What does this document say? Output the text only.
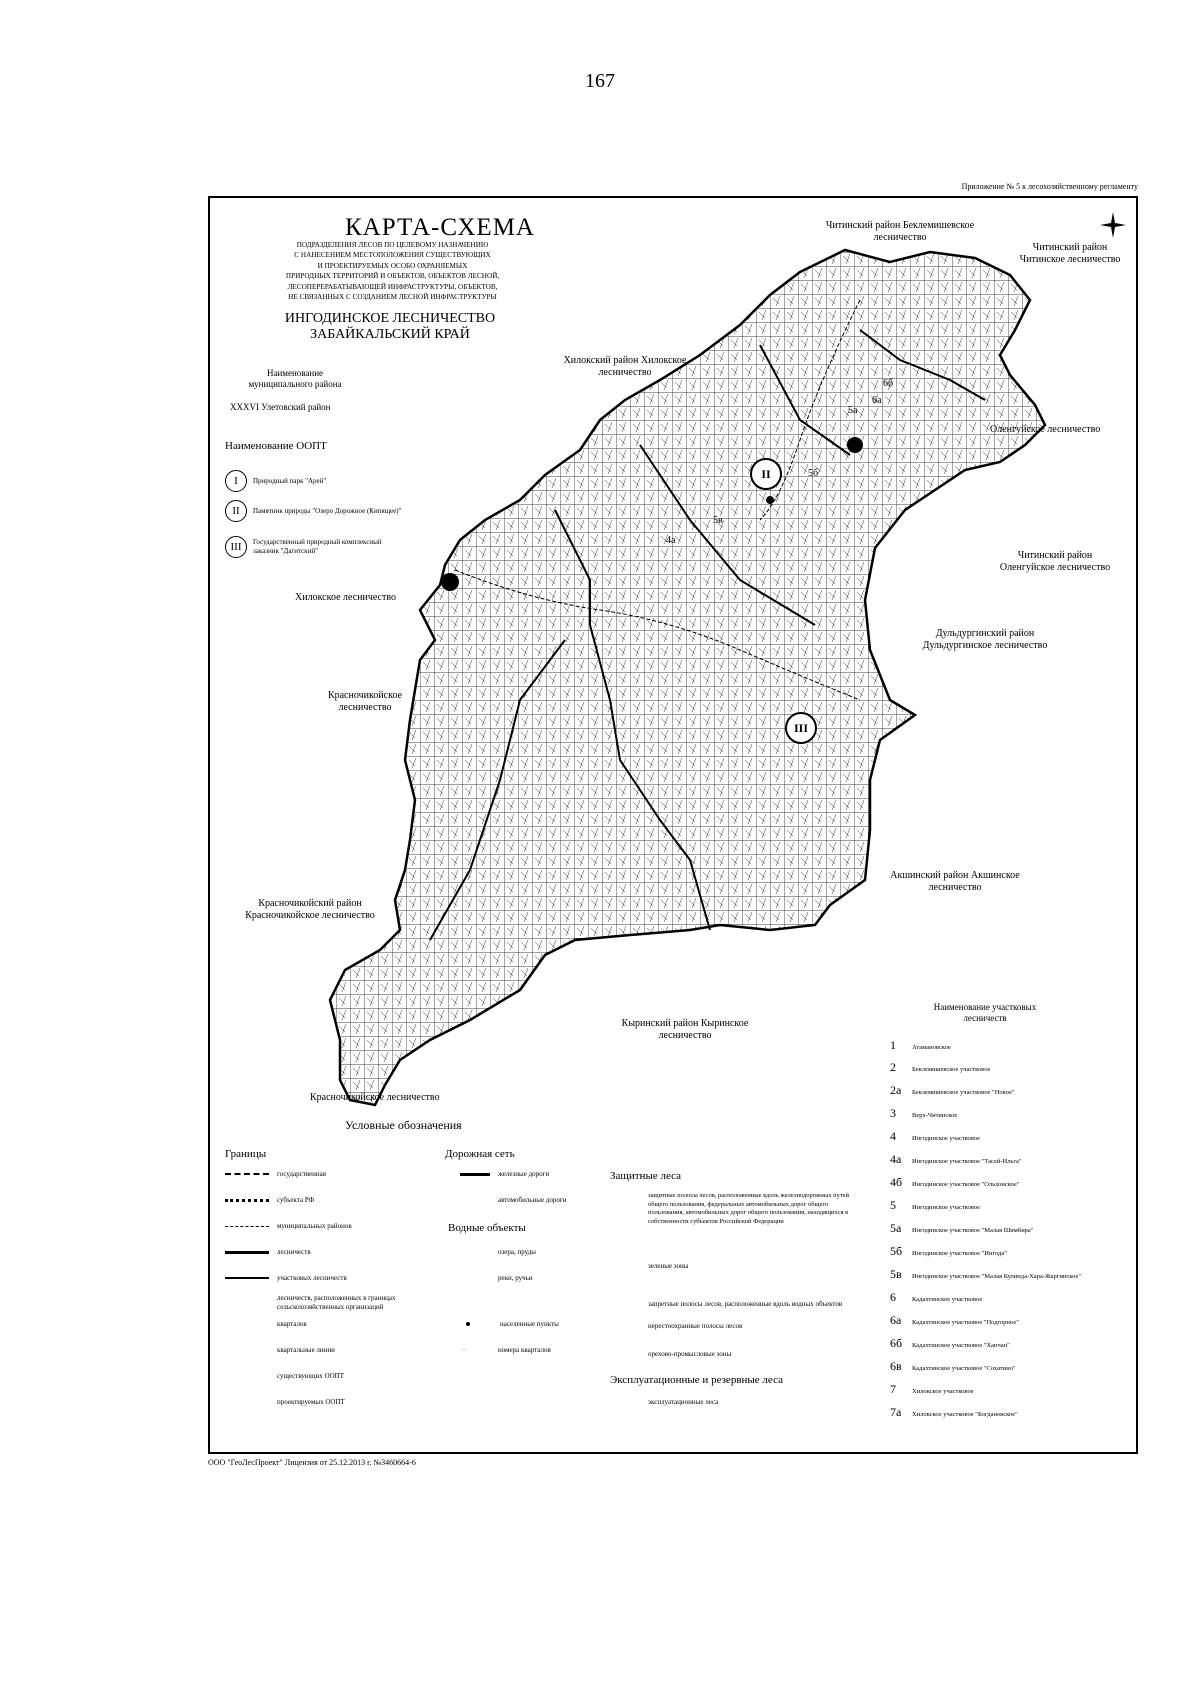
167
Приложение № 5 к лесохозяйственному регламенту
КАРТА-СХЕМА
ПОДРАЗДЕЛЕНИЯ ЛЕСОВ ПО ЦЕЛЕВОМУ НАЗНАЧЕНИЮ
С НАНЕСЕНИЕМ МЕСТОПОЛОЖЕНИЯ СУЩЕСТВУЮЩИХ
И ПРОЕКТИРУЕМЫХ ОСОБО ОХРАНЯЕМЫХ
ПРИРОДНЫХ ТЕРРИТОРИЙ И ОБЪЕКТОВ, ОБЪЕКТОВ ЛЕСНОЙ,
ЛЕСОПЕРЕРАБАТЫВАЮЩЕЙ ИНФРАСТРУКТУРЫ, ОБЪЕКТОВ,
НЕ СВЯЗАННЫХ С СОЗДАНИЕМ ЛЕСНОЙ ИНФРАСТРУКТУРЫ
ИНГОДИНСКОЕ ЛЕСНИЧЕСТВО
ЗАБАЙКАЛЬСКИЙ КРАЙ
Наименование муниципального района
XXXVI Улетовский район
Наименование ООПТ
I	Природный парк "Арей"
II	Памятник природы "Озеро Дорожное (Кипящее)"
III	Государственный природный комплексный заказник "Дагитский"
II
III
5а
5б
6а
6б
4а
5в
Читинский район Беклемишевское лесничество
Читинский район Читинское лесничество
Хилокский район Хилокское лесничество
Оленгуйское лесничество
Читинский район Оленгуйское лесничество
Хилокское лесничество
Красночикойское лесничество
Дульдургинский район Дульдургинское лесничество
Акшинский район Акшинское лесничество
Красночикойский район Красночикойское лесничество
Кыринский район Кыринское лесничество
Красночикойское лесничество
Условные обозначения
Границы
государственная
субъекта РФ
муниципальных районов
лесничеств
участковых лесничеств
лесничеств, расположенных в границах сельскохозяйственных организаций
кварталов
квартальные линии
существующих ООПТ
проектируемых ООПТ
Дорожная сеть
железные дороги
автомобильные дороги
Водные объекты
озера, пруды
реки, ручьи
населенные пункты
··	номера кварталов
Защитные леса
защитные полосы лесов, расположенные вдоль железнодорожных путей общего пользования, федеральных автомобильных дорог общего пользования, автомобильных дорог общего пользования, находящихся в собственности субъектов Российской Федерации
зеленые зоны
запретные полосы лесов, расположенные вдоль водных объектов
нерестоохранные полосы лесов
орехово-промысловые зоны
Эксплуатационные и резервные леса
эксплуатационные леса
Наименование участковых лесничеств
1	Атамановское
2	Беклемишевское участковое
2а	Беклемишевское участковое "Новое"
3	Верх-Читинское
4	Ингодинское участковое
4а	Ингодинское участковое "Тасей-Ильга"
4б	Ингодинское участковое "Ольхонское"
5	Ингодинское участковое
5а	Ингодинское участковое "Малая Шимбира"
5б	Ингодинское участковое "Ингода"
5в	Ингодинское участковое "Малая Кулинда-Хара-Жаргинское"
6	Кадахтинское участковое
6а	Кадахтинское участковое "Подгорное"
6б	Кадахтинское участковое "Хапчан"
6в	Кадахтинское участковое "Сохатино"
7	Хилокское участковое
7а	Хилокское участковое "Богдановское"
ООО "ГеоЛесПроект" Лицензия от 25.12.2013 г. №3460664-6
